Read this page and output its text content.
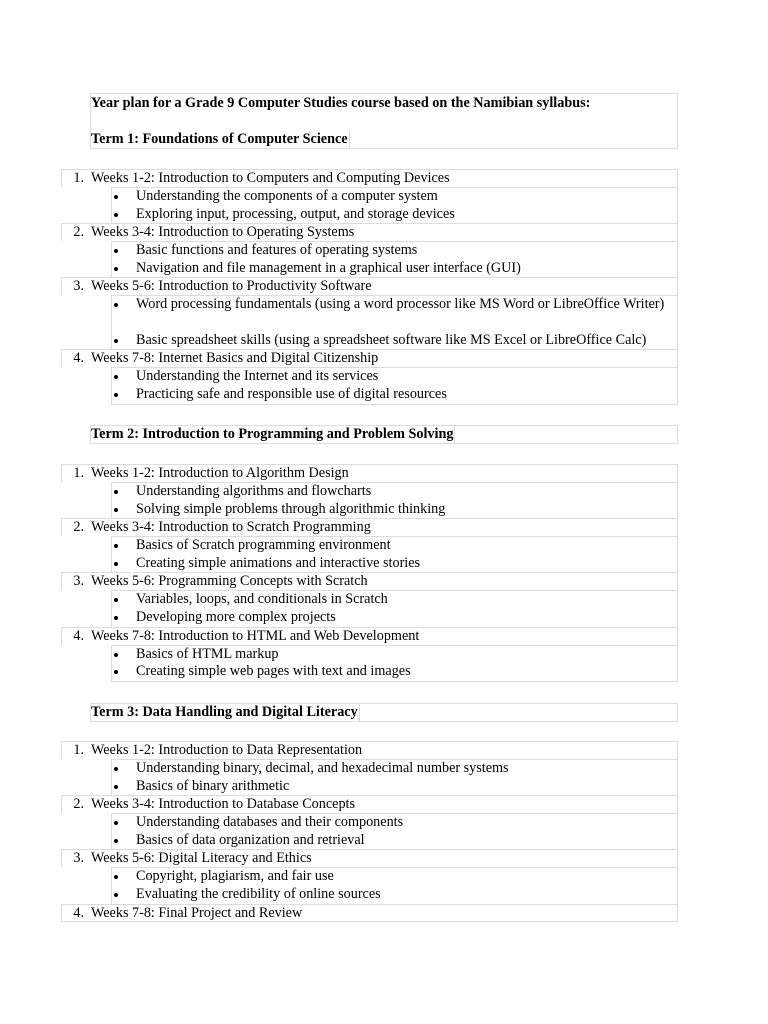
Year plan for a Grade 9 Computer Studies course based on the Namibian syllabus:
Term 1: Foundations of Computer Science
1. Weeks 1-2: Introduction to Computers and Computing Devices
Understanding the components of a computer system
Exploring input, processing, output, and storage devices
2. Weeks 3-4: Introduction to Operating Systems
Basic functions and features of operating systems
Navigation and file management in a graphical user interface (GUI)
3. Weeks 5-6: Introduction to Productivity Software
Word processing fundamentals (using a word processor like MS Word or LibreOffice Writer)
Basic spreadsheet skills (using a spreadsheet software like MS Excel or LibreOffice Calc)
4. Weeks 7-8: Internet Basics and Digital Citizenship
Understanding the Internet and its services
Practicing safe and responsible use of digital resources
Term 2: Introduction to Programming and Problem Solving
1. Weeks 1-2: Introduction to Algorithm Design
Understanding algorithms and flowcharts
Solving simple problems through algorithmic thinking
2. Weeks 3-4: Introduction to Scratch Programming
Basics of Scratch programming environment
Creating simple animations and interactive stories
3. Weeks 5-6: Programming Concepts with Scratch
Variables, loops, and conditionals in Scratch
Developing more complex projects
4. Weeks 7-8: Introduction to HTML and Web Development
Basics of HTML markup
Creating simple web pages with text and images
Term 3: Data Handling and Digital Literacy
1. Weeks 1-2: Introduction to Data Representation
Understanding binary, decimal, and hexadecimal number systems
Basics of binary arithmetic
2. Weeks 3-4: Introduction to Database Concepts
Understanding databases and their components
Basics of data organization and retrieval
3. Weeks 5-6: Digital Literacy and Ethics
Copyright, plagiarism, and fair use
Evaluating the credibility of online sources
4. Weeks 7-8: Final Project and Review
